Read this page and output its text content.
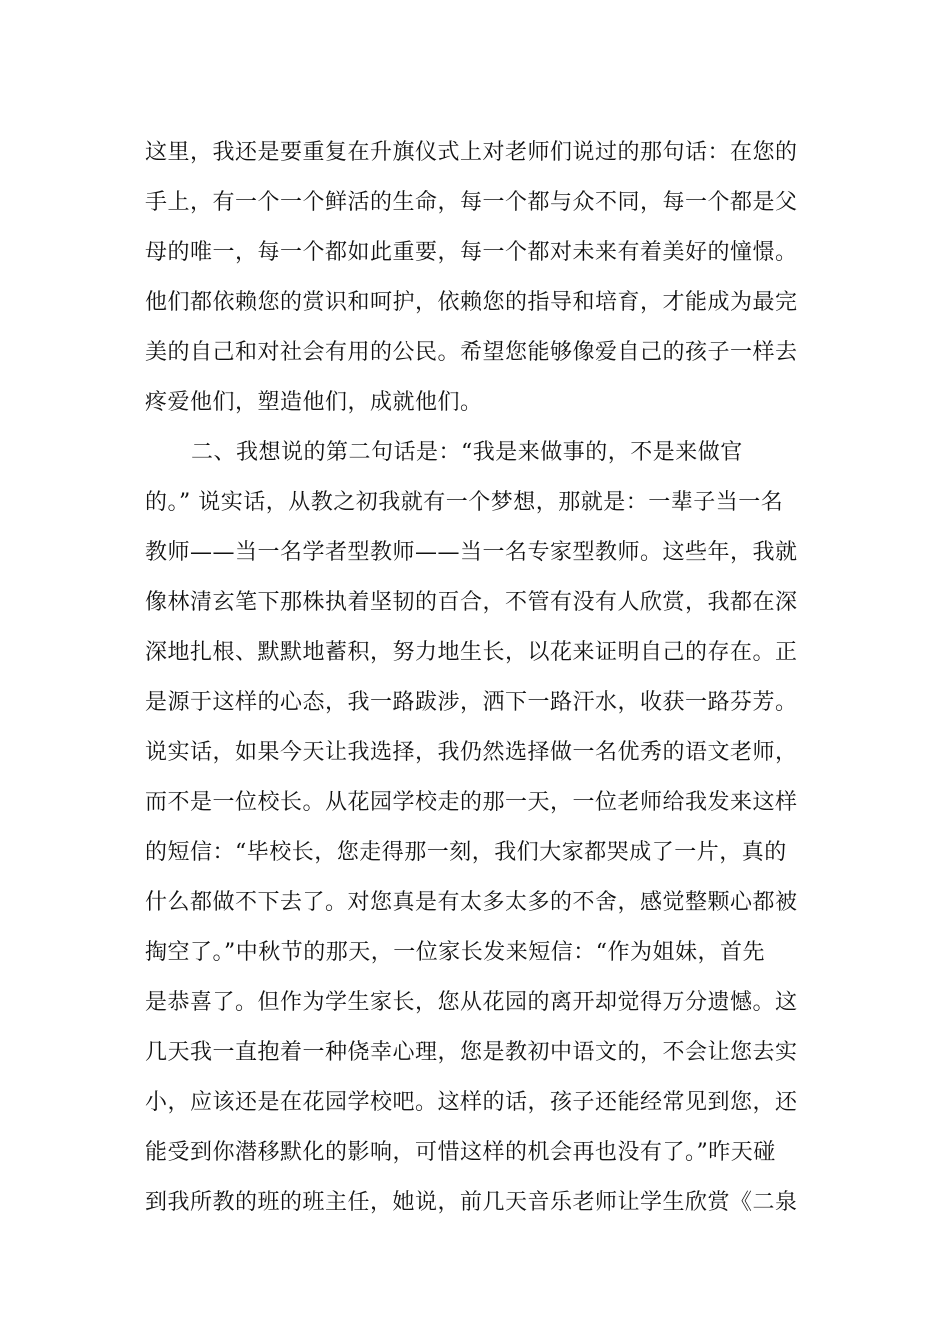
这里，我还是要重复在升旗仪式上对老师们说过的那句话：在您的
手上，有一个一个鲜活的生命，每一个都与众不同，每一个都是父
母的唯一，每一个都如此重要，每一个都对未来有着美好的憧憬。
他们都依赖您的赏识和呵护，依赖您的指导和培育，才能成为最完
美的自己和对社会有用的公民。希望您能够像爱自己的孩子一样去
疼爱他们，塑造他们，成就他们。
二、我想说的第二句话是：“我是来做事的，不是来做官
的。” 说实话，从教之初我就有一个梦想，那就是：一辈子当一名
教师——当一名学者型教师——当一名专家型教师。这些年，我就
像林清玄笔下那株执着坚韧的百合，不管有没有人欣赏，我都在深
深地扎根、默默地蓄积，努力地生长，以花来证明自己的存在。正
是源于这样的心态，我一路跋涉，洒下一路汗水，收获一路芬芳。
说实话，如果今天让我选择，我仍然选择做一名优秀的语文老师，
而不是一位校长。从花园学校走的那一天，一位老师给我发来这样
的短信：“毕校长，您走得那一刻，我们大家都哭成了一片，真的
什么都做不下去了。对您真是有太多太多的不舍，感觉整颗心都被
掏空了。”中秋节的那天，一位家长发来短信：“作为姐妹，首先
是恭喜了。但作为学生家长，您从花园的离开却觉得万分遗憾。这
几天我一直抱着一种侥幸心理，您是教初中语文的，不会让您去实
小，应该还是在花园学校吧。这样的话，孩子还能经常见到您，还
能受到你潜移默化的影响，可惜这样的机会再也没有了。”昨天碰
到我所教的班的班主任，她说，前几天音乐老师让学生欣赏《二泉
